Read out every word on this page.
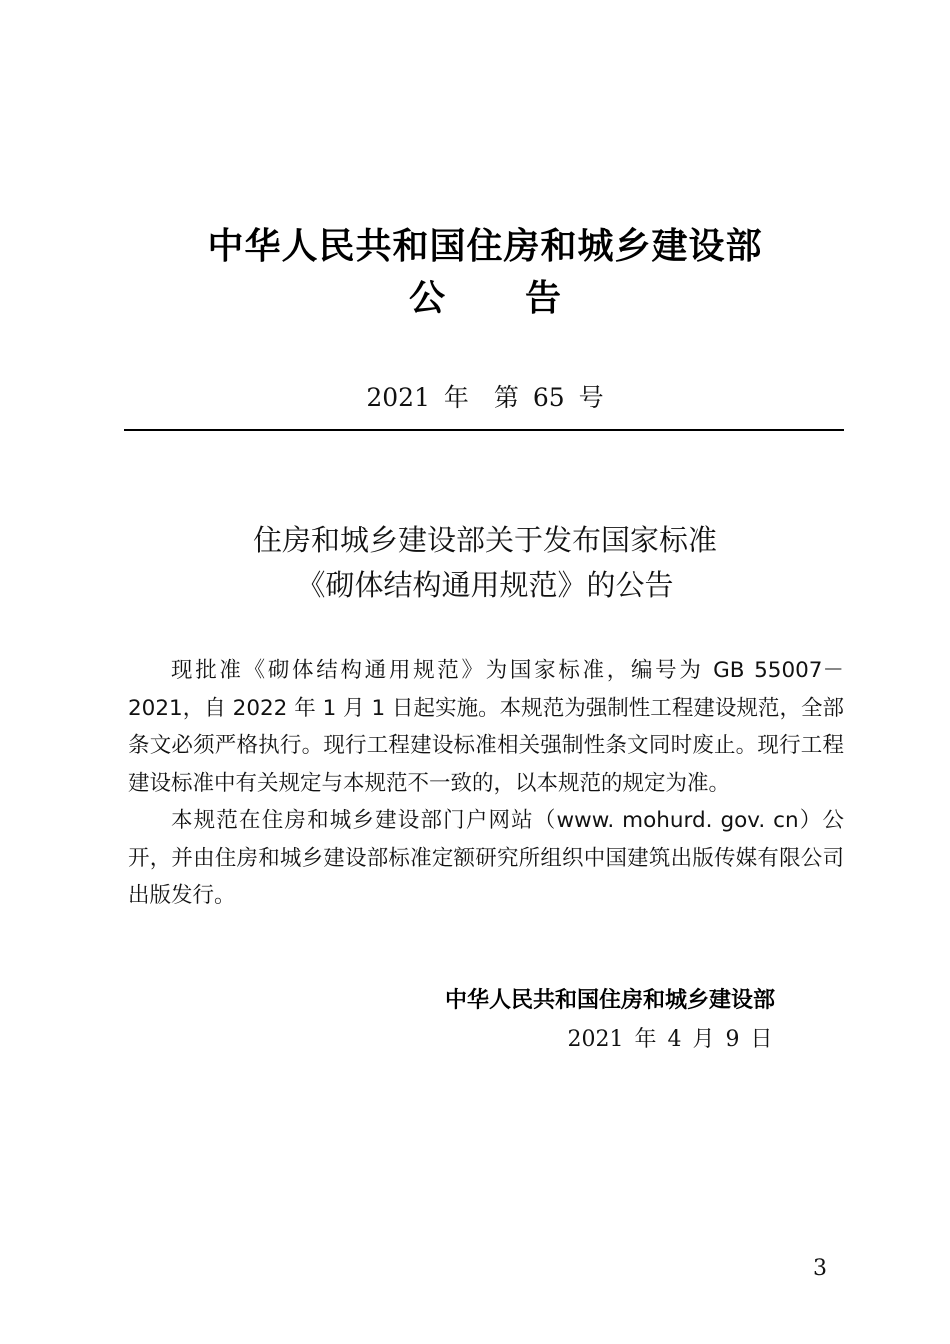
中华人民共和国住房和城乡建设部
公告
2021 年　第 65 号
住房和城乡建设部关于发布国家标准
《砌体结构通用规范》的公告

现批准《砌体结构通用规范》为国家标准，编号为 GB 55007－2021，自 2022 年 1 月 1 日起实施。本规范为强制性工程建设规范，全部条文必须严格执行。现行工程建设标准相关强制性条文同时废止。现行工程建设标准中有关规定与本规范不一致的，以本规范的规定为准。

本规范在住房和城乡建设部门户网站（www. mohurd. gov. cn）公开，并由住房和城乡建设部标准定额研究所组织中国建筑出版传媒有限公司出版发行。

中华人民共和国住房和城乡建设部
2021 年 4 月 9 日
3
